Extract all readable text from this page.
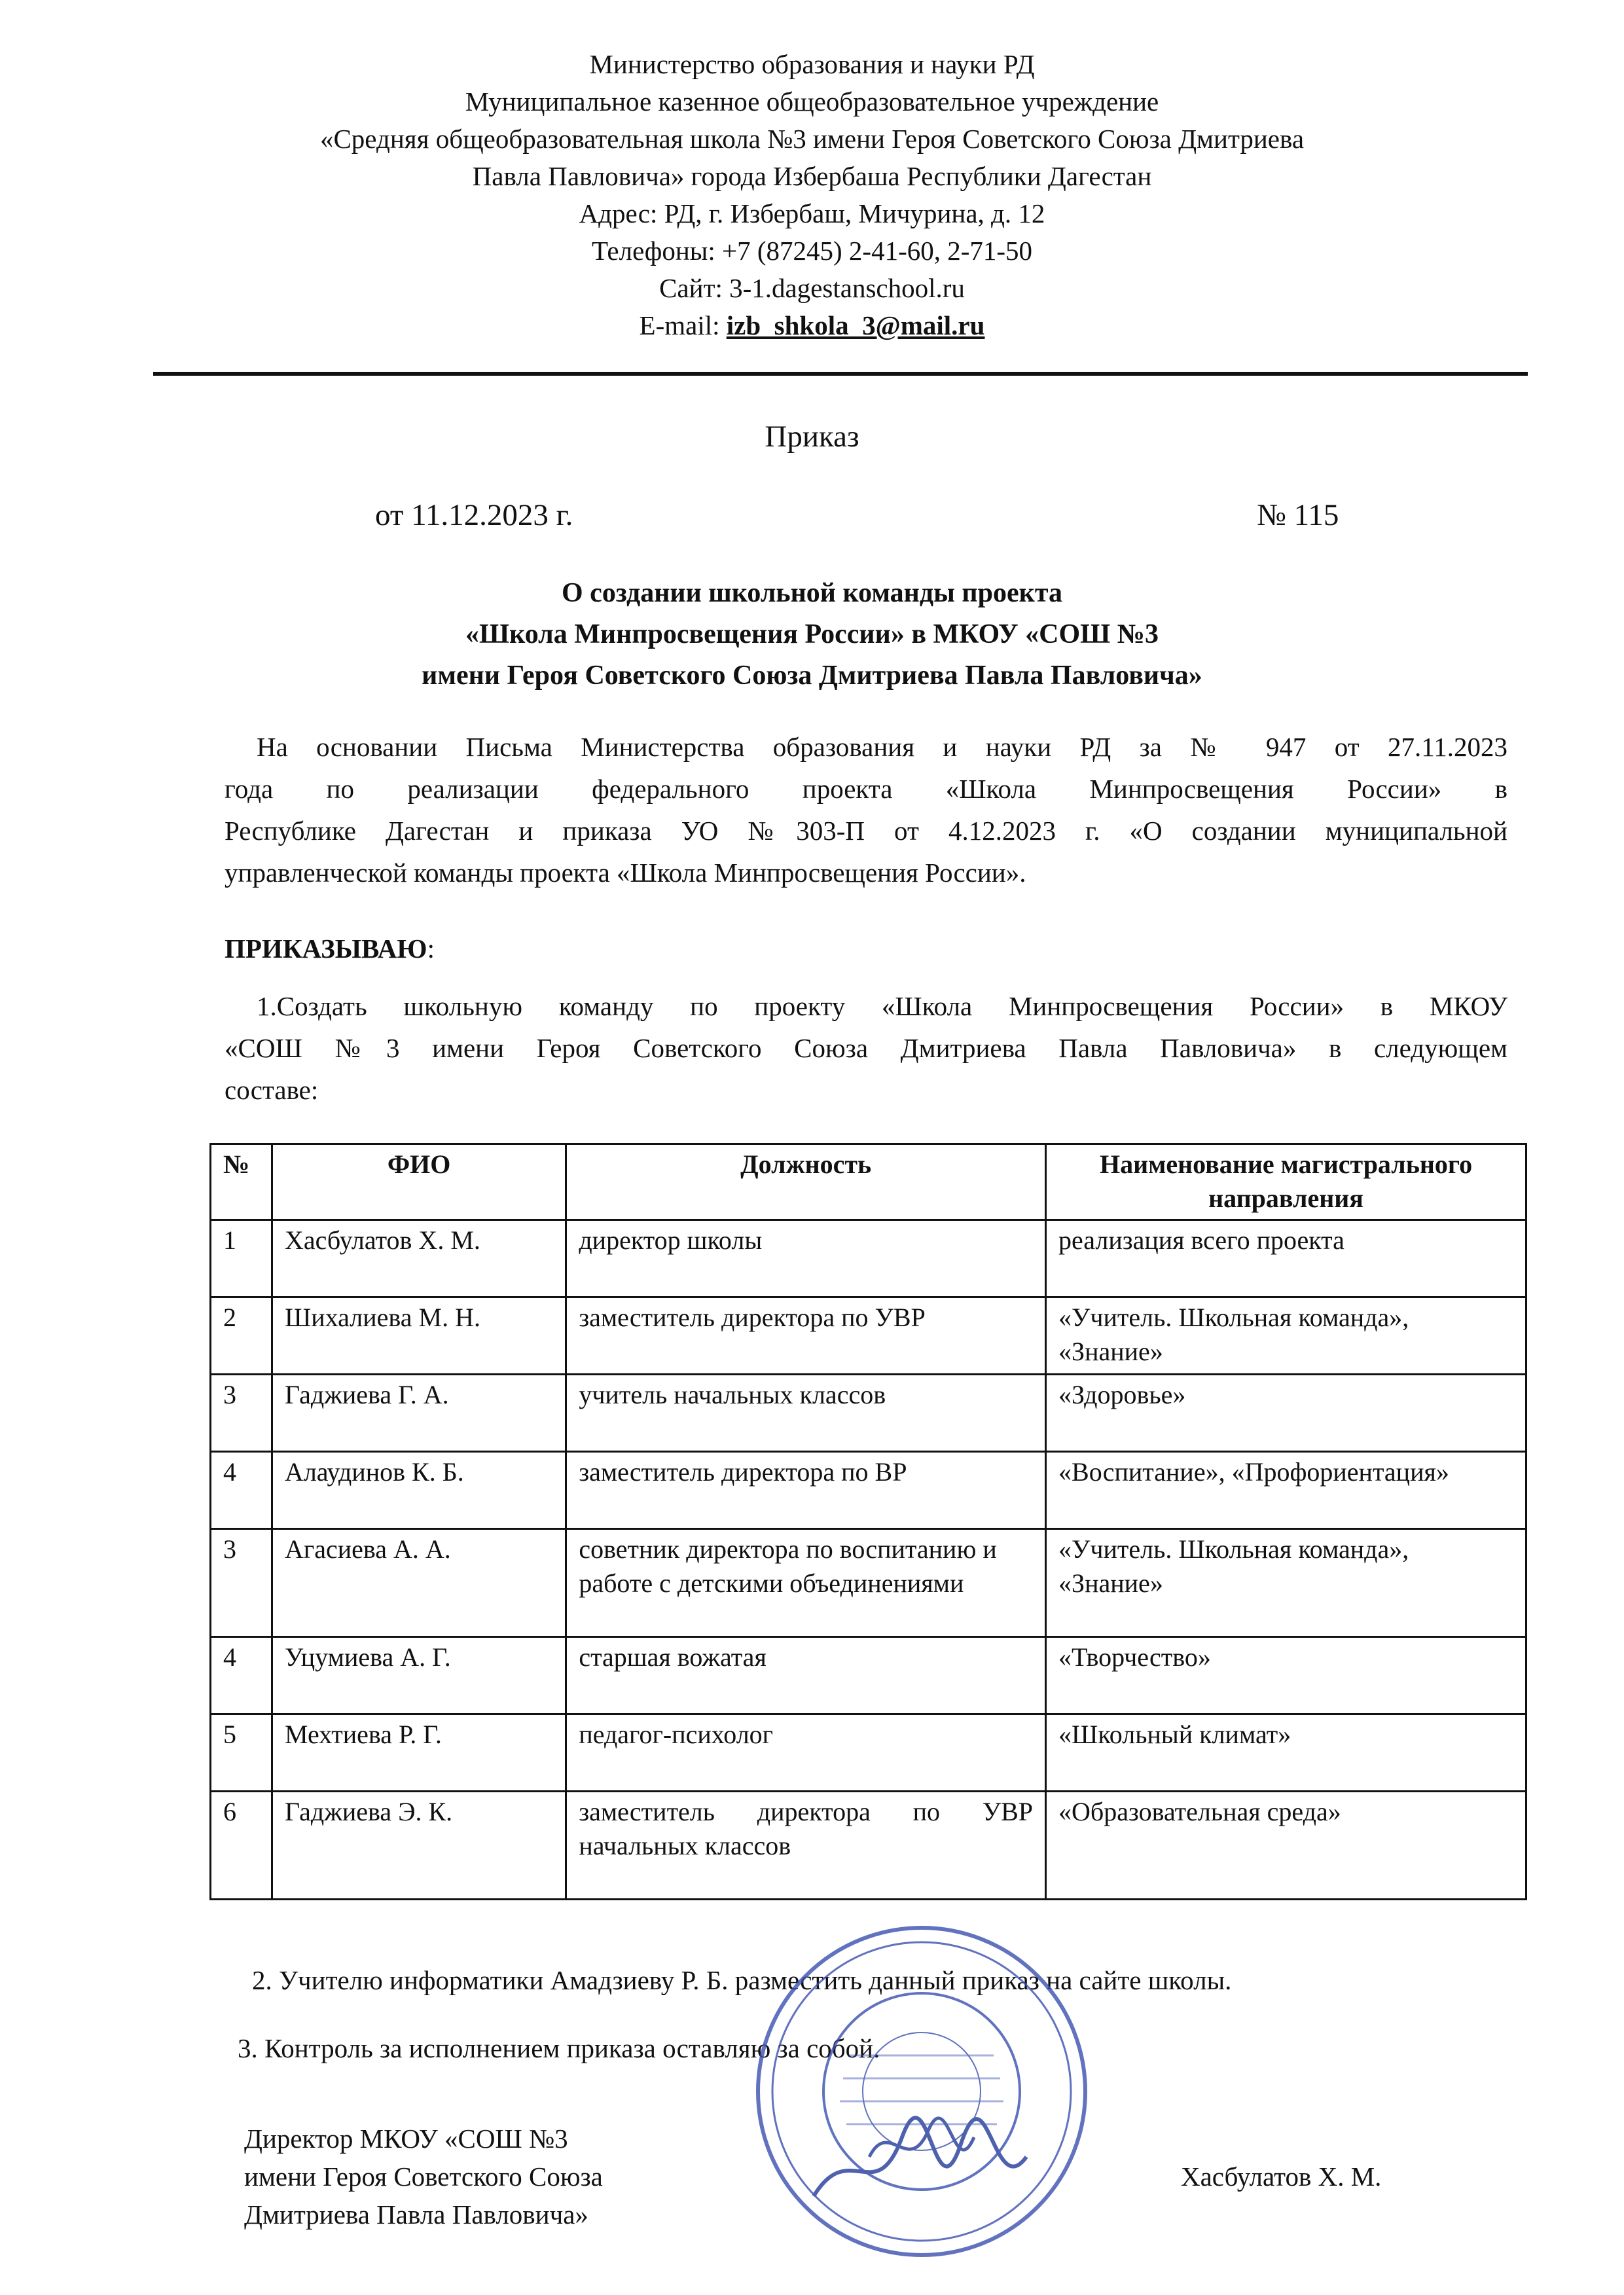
Министерство образования и науки РД
Муниципальное казенное общеобразовательное учреждение
«Средняя общеобразовательная школа №3 имени Героя Советского Союза Дмитриева
Павла Павловича» города Избербаша Республики Дагестан
Адрес: РД, г. Избербаш, Мичурина, д. 12
Телефоны: +7 (87245) 2-41-60, 2-71-50
Сайт: 3-1.dagestanschool.ru
E-mail: izb_shkola_3@mail.ru
Приказ
от 11.12.2023 г.	№ 115
О создании школьной команды проекта
«Школа Минпросвещения России» в МКОУ «СОШ №3
имени Героя Советского Союза Дмитриева Павла Павловича»
На основании Письма Министерства образования и науки РД за № 947 от 27.11.2023
года по реализации федерального проекта «Школа Минпросвещения России» в
Республике Дагестан и приказа УО №303-П от 4.12.2023 г. «О создании муниципальной
управленческой команды проекта «Школа Минпросвещения России».
ПРИКАЗЫВАЮ:
1.Создать школьную команду по проекту «Школа Минпросвещения России» в МКОУ
«СОШ №3 имени Героя Советского Союза Дмитриева Павла Павловича» в следующем
составе:
№	ФИО	Должность	Наименование магистрального направления
1	Хасбулатов Х. М.	директор школы	реализация всего проекта
2	Шихалиева М. Н.	заместитель директора по УВР	«Учитель. Школьная команда», «Знание»
3	Гаджиева Г. А.	учитель начальных классов	«Здоровье»
4	Алаудинов К. Б.	заместитель директора по ВР	«Воспитание», «Профориентация»
3	Агасиева А. А.	советник директора по воспитанию и работе с детскими объединениями	«Учитель. Школьная команда», «Знание»
4	Уцумиева А. Г.	старшая вожатая	«Творчество»
5	Мехтиева Р. Г.	педагог-психолог	«Школьный климат»
6	Гаджиева Э. К.	заместитель директора по УВР начальных классов	«Образовательная среда»
2. Учителю информатики Амадзиеву Р. Б. разместить данный приказ на сайте школы.
3. Контроль за исполнением приказа оставляю за собой.
Директор МКОУ «СОШ №3
имени Героя Советского Союза
Дмитриева Павла Павловича»
Хасбулатов Х. М.
